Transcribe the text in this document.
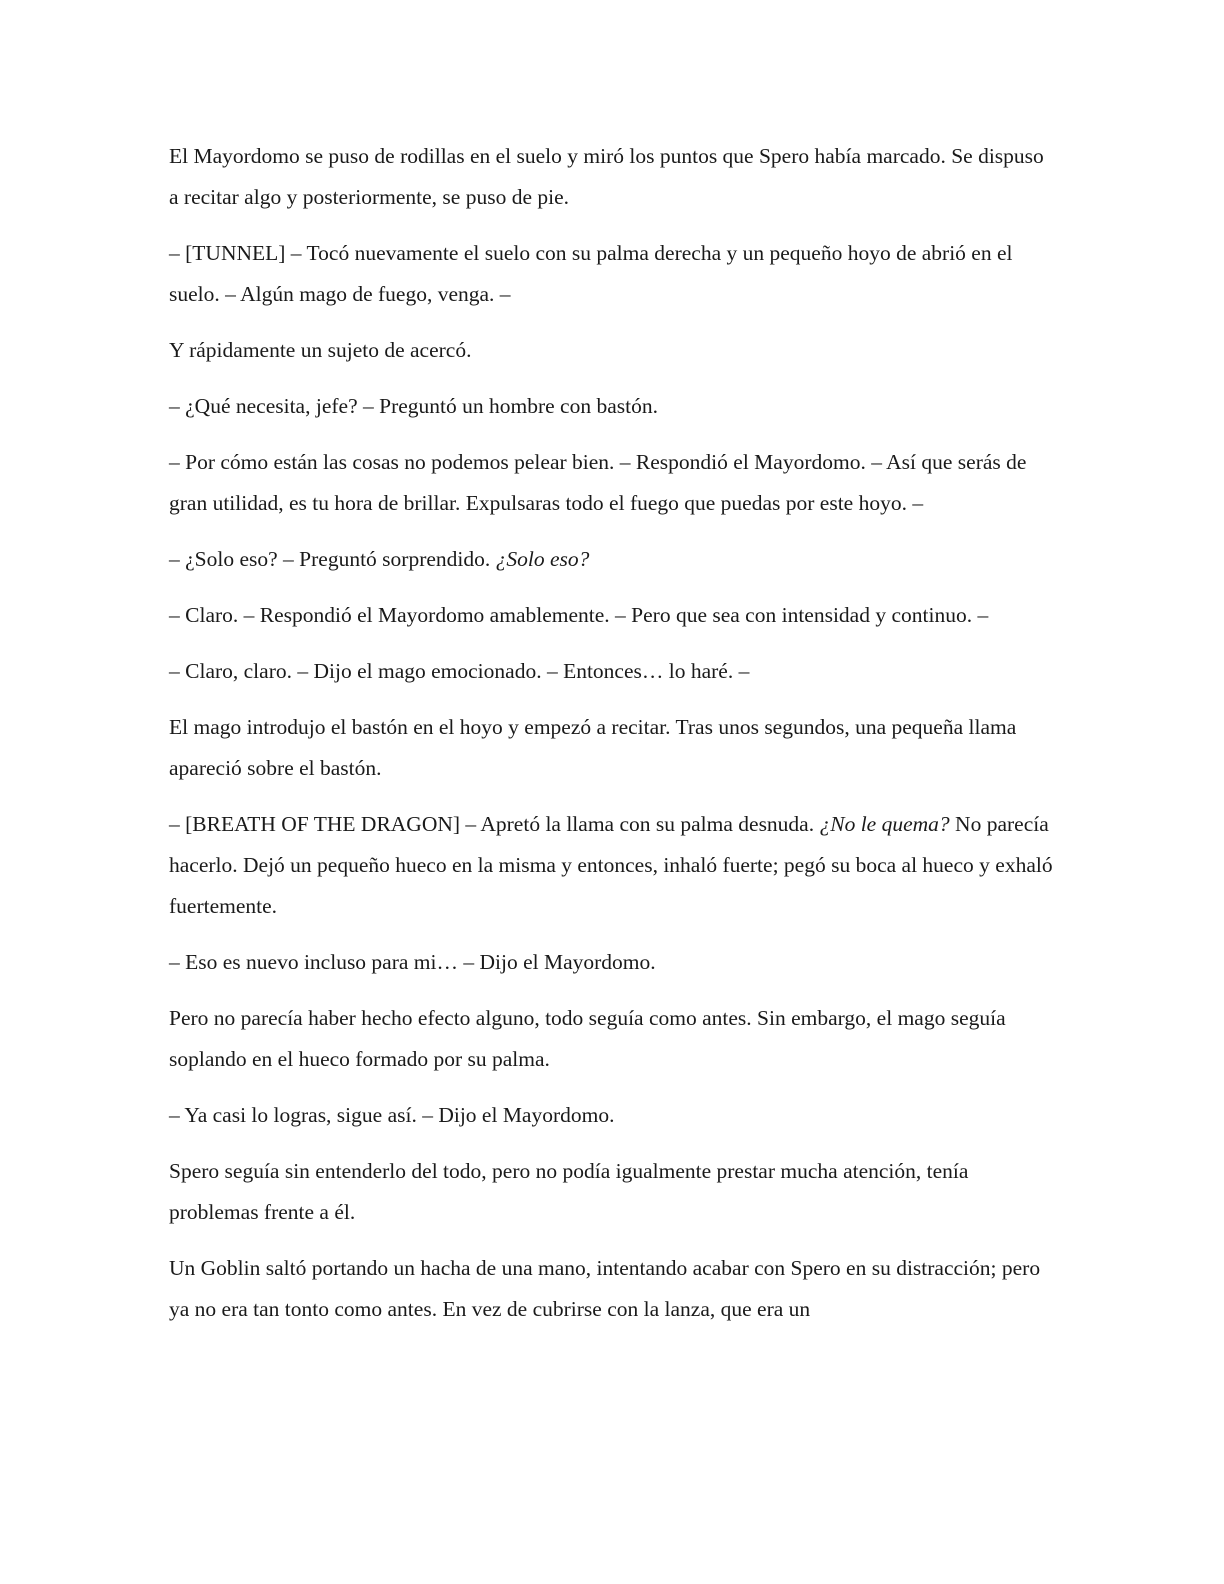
El Mayordomo se puso de rodillas en el suelo y miró los puntos que Spero había marcado. Se dispuso a recitar algo y posteriormente, se puso de pie.

– [TUNNEL] – Tocó nuevamente el suelo con su palma derecha y un pequeño hoyo de abrió en el suelo. – Algún mago de fuego, venga. –

Y rápidamente un sujeto de acercó.

– ¿Qué necesita, jefe? – Preguntó un hombre con bastón.

– Por cómo están las cosas no podemos pelear bien. – Respondió el Mayordomo. – Así que serás de gran utilidad, es tu hora de brillar. Expulsaras todo el fuego que puedas por este hoyo. –

– ¿Solo eso? – Preguntó sorprendido. ¿Solo eso?

– Claro. – Respondió el Mayordomo amablemente. – Pero que sea con intensidad y continuo. –

– Claro, claro. – Dijo el mago emocionado. – Entonces… lo haré. –

El mago introdujo el bastón en el hoyo y empezó a recitar. Tras unos segundos, una pequeña llama apareció sobre el bastón.

– [BREATH OF THE DRAGON] – Apretó la llama con su palma desnuda. ¿No le quema? No parecía hacerlo. Dejó un pequeño hueco en la misma y entonces, inhaló fuerte; pegó su boca al hueco y exhaló fuertemente.

– Eso es nuevo incluso para mi… – Dijo el Mayordomo.

Pero no parecía haber hecho efecto alguno, todo seguía como antes. Sin embargo, el mago seguía soplando en el hueco formado por su palma.

– Ya casi lo logras, sigue así. – Dijo el Mayordomo.

Spero seguía sin entenderlo del todo, pero no podía igualmente prestar mucha atención, tenía problemas frente a él.

Un Goblin saltó portando un hacha de una mano, intentando acabar con Spero en su distracción; pero ya no era tan tonto como antes. En vez de cubrirse con la lanza, que era un
